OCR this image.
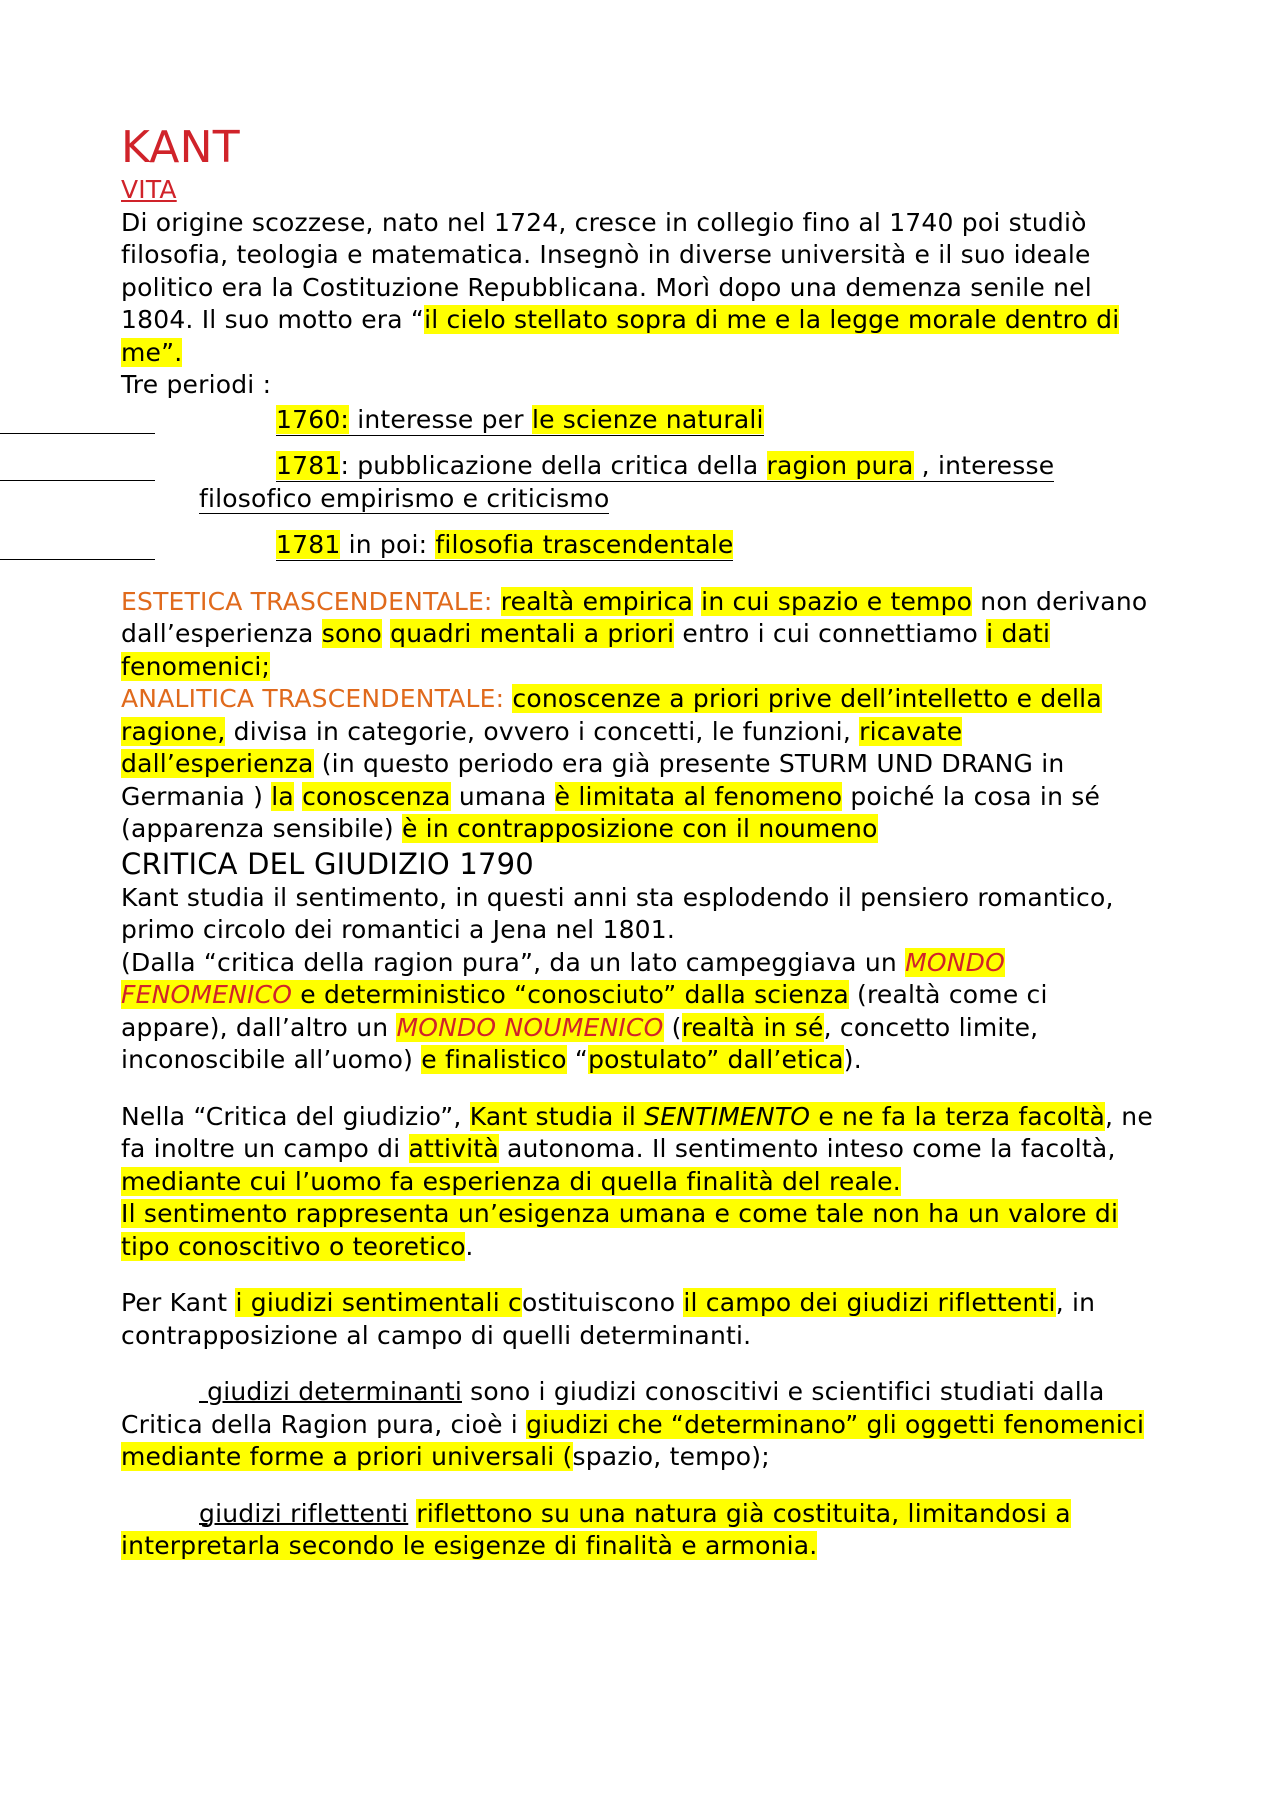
KANT

VITA

Di origine scozzese, nato nel 1724, cresce in collegio fino al 1740 poi studiò filosofia, teologia e matematica. Insegnò in diverse università e il suo ideale politico era la Costituzione Repubblicana. Morì dopo una demenza senile nel 1804. Il suo motto era “il cielo stellato sopra di me e la legge morale dentro di me”.

Tre periodi :

1760: interesse per le scienze naturali

1781: pubblicazione della critica della ragion pura , interesse

filosofico empirismo e criticismo

1781 in poi: filosofia trascendentale

ESTETICA TRASCENDENTALE: realtà empirica in cui spazio e tempo non derivano dall’esperienza sono quadri mentali a priori entro i cui connettiamo i dati fenomenici;

ANALITICA TRASCENDENTALE: conoscenze a priori prive dell’intelletto e della ragione, divisa in categorie, ovvero i concetti, le funzioni, ricavate dall’esperienza (in questo periodo era già presente STURM UND DRANG in Germania ) la conoscenza umana è limitata al fenomeno poiché la cosa in sé (apparenza sensibile) è in contrapposizione con il noumeno

CRITICA DEL GIUDIZIO 1790

Kant studia il sentimento, in questi anni sta esplodendo il pensiero romantico, primo circolo dei romantici a Jena nel 1801.

(Dalla “critica della ragion pura”, da un lato campeggiava un MONDO FENOMENICO e deterministico “conosciuto” dalla scienza (realtà come ci appare), dall’altro un MONDO NOUMENICO (realtà in sé, concetto limite, inconoscibile all’uomo) e finalistico “postulato” dall’etica).

Nella “Critica del giudizio”, Kant studia il SENTIMENTO e ne fa la terza facoltà, ne fa inoltre un campo di attività autonoma. Il sentimento inteso come la facoltà, mediante cui l’uomo fa esperienza di quella finalità del reale.

Il sentimento rappresenta un’esigenza umana e come tale non ha un valore di tipo conoscitivo o teoretico.

Per Kant i giudizi sentimentali costituiscono il campo dei giudizi riflettenti, in contrapposizione al campo di quelli determinanti.

giudizi determinanti sono i giudizi conoscitivi e scientifici studiati dalla Critica della Ragion pura, cioè i giudizi che “determinano” gli oggetti fenomenici mediante forme a priori universali (spazio, tempo);

giudizi riflettenti riflettono su una natura già costituita, limitandosi a interpretarla secondo le esigenze di finalità e armonia.
